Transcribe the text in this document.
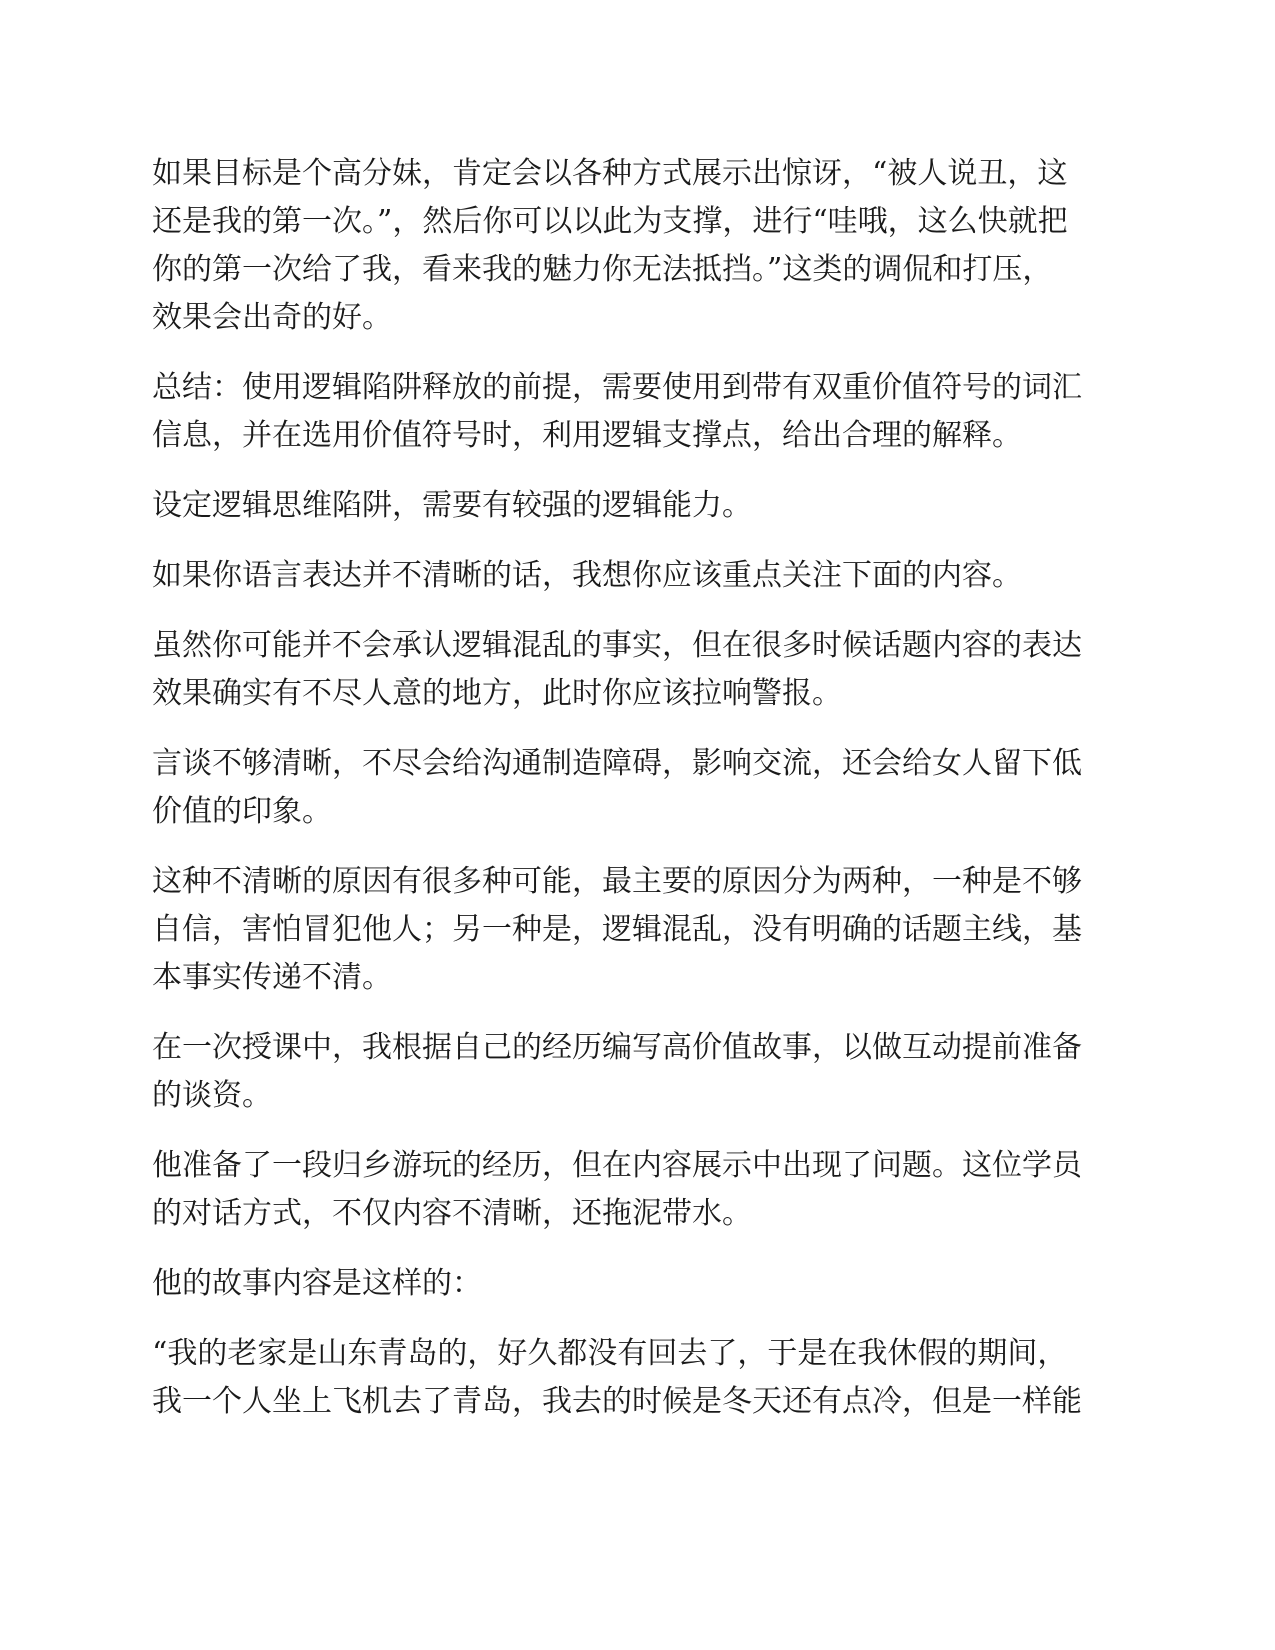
如果目标是个高分妹，肯定会以各种方式展示出惊讶，“被人说丑，这
还是我的第一次。”，然后你可以以此为支撑，进行“哇哦，这么快就把
你的第一次给了我，看来我的魅力你无法抵挡。”这类的调侃和打压，
效果会出奇的好。

总结：使用逻辑陷阱释放的前提，需要使用到带有双重价值符号的词汇
信息，并在选用价值符号时，利用逻辑支撑点，给出合理的解释。

设定逻辑思维陷阱，需要有较强的逻辑能力。

如果你语言表达并不清晰的话，我想你应该重点关注下面的内容。

虽然你可能并不会承认逻辑混乱的事实，但在很多时候话题内容的表达
效果确实有不尽人意的地方，此时你应该拉响警报。

言谈不够清晰，不尽会给沟通制造障碍，影响交流，还会给女人留下低
价值的印象。

这种不清晰的原因有很多种可能，最主要的原因分为两种，一种是不够
自信，害怕冒犯他人；另一种是，逻辑混乱，没有明确的话题主线，基
本事实传递不清。

在一次授课中，我根据自己的经历编写高价值故事，以做互动提前准备
的谈资。

他准备了一段归乡游玩的经历，但在内容展示中出现了问题。这位学员
的对话方式，不仅内容不清晰，还拖泥带水。

他的故事内容是这样的：

“我的老家是山东青岛的，好久都没有回去了，于是在我休假的期间，
我一个人坐上飞机去了青岛，我去的时候是冬天还有点冷，但是一样能
